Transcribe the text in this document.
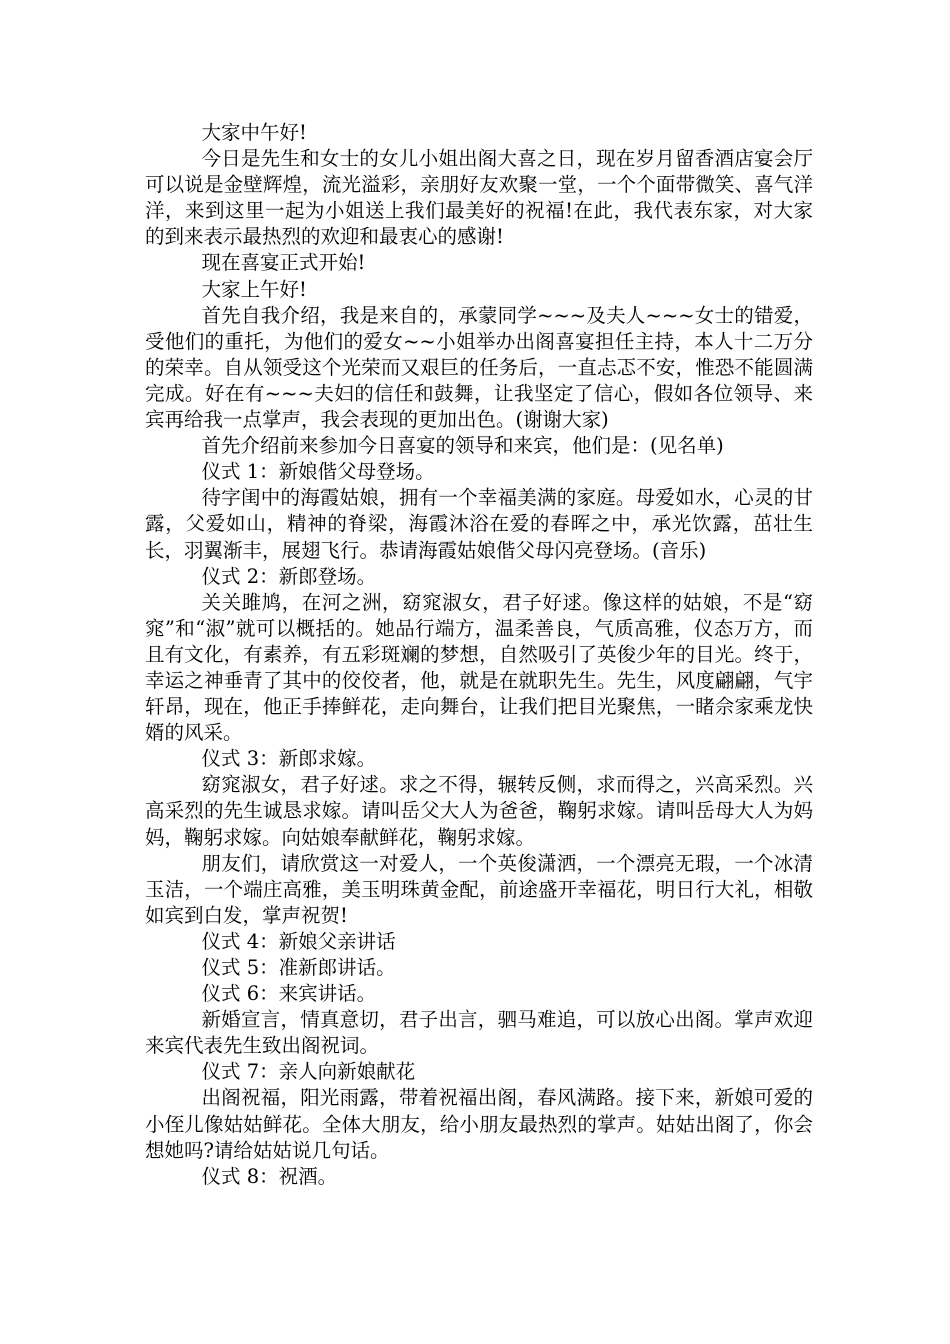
大家中午好!

今日是先生和女士的女儿小姐出阁大喜之日，现在岁月留香酒店宴会厅可以说是金壁辉煌，流光溢彩，亲朋好友欢聚一堂，一个个面带微笑、喜气洋洋，来到这里一起为小姐送上我们最美好的祝福!在此，我代表东家，对大家的到来表示最热烈的欢迎和最衷心的感谢!

现在喜宴正式开始!

大家上午好!

首先自我介绍，我是来自的，承蒙同学~~~及夫人~~~女士的错爱，受他们的重托，为他们的爱女~~小姐举办出阁喜宴担任主持，本人十二万分的荣幸。自从领受这个光荣而又艰巨的任务后，一直忐忑不安，惟恐不能圆满完成。好在有~~~夫妇的信任和鼓舞，让我坚定了信心，假如各位领导、来宾再给我一点掌声，我会表现的更加出色。(谢谢大家)

首先介绍前来参加今日喜宴的领导和来宾，他们是：(见名单)

仪式 1：新娘偕父母登场。

待字闺中的海霞姑娘，拥有一个幸福美满的家庭。母爱如水，心灵的甘露，父爱如山，精神的脊梁，海霞沐浴在爱的春晖之中，承光饮露，茁壮生长，羽翼渐丰，展翅飞行。恭请海霞姑娘偕父母闪亮登场。(音乐)

仪式 2：新郎登场。

关关雎鸠，在河之洲，窈窕淑女，君子好逑。像这样的姑娘，不是“窈窕”和“淑”就可以概括的。她品行端方，温柔善良，气质高雅，仪态万方，而且有文化，有素养，有五彩斑斓的梦想，自然吸引了英俊少年的目光。终于，幸运之神垂青了其中的佼佼者，他，就是在就职先生。先生，风度翩翩，气宇轩昂，现在，他正手捧鲜花，走向舞台，让我们把目光聚焦，一睹佘家乘龙快婿的风采。

仪式 3：新郎求嫁。

窈窕淑女，君子好逑。求之不得，辗转反侧，求而得之，兴高采烈。兴高采烈的先生诚恳求嫁。请叫岳父大人为爸爸，鞠躬求嫁。请叫岳母大人为妈妈，鞠躬求嫁。向姑娘奉献鲜花，鞠躬求嫁。

朋友们，请欣赏这一对爱人，一个英俊潇洒，一个漂亮无瑕，一个冰清玉洁，一个端庄高雅，美玉明珠黄金配，前途盛开幸福花，明日行大礼，相敬如宾到白发，掌声祝贺!

仪式 4：新娘父亲讲话

仪式 5：准新郎讲话。

仪式 6：来宾讲话。

新婚宣言，情真意切，君子出言，驷马难追，可以放心出阁。掌声欢迎来宾代表先生致出阁祝词。

仪式 7：亲人向新娘献花

出阁祝福，阳光雨露，带着祝福出阁，春风满路。接下来，新娘可爱的小侄儿像姑姑鲜花。全体大朋友，给小朋友最热烈的掌声。姑姑出阁了，你会想她吗?请给姑姑说几句话。

仪式 8：祝酒。
